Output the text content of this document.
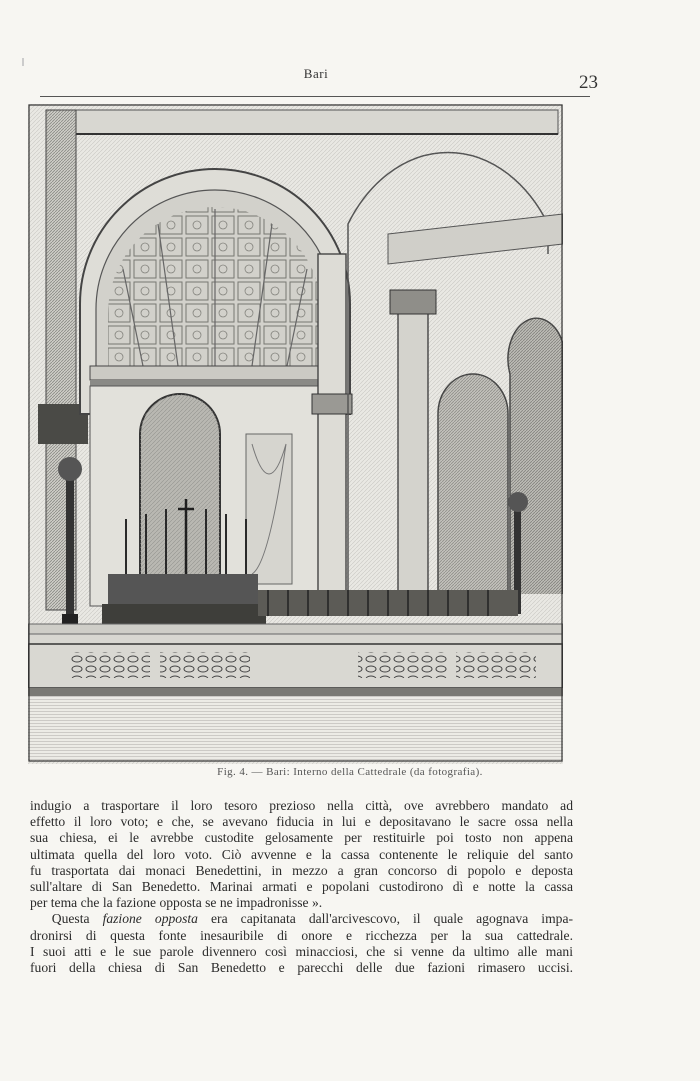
Bari	23
Fig. 4. — Bari: Interno della Cattedrale (da fotografia).

indugio a trasportare il loro tesoro prezioso nella città, ove avrebbero mandato ad
effetto il loro voto; e che, se avevano fiducia in lui e depositavano le sacre ossa nella
sua chiesa, ei le avrebbe custodite gelosamente per restituirle poi tosto non appena
ultimata quella del loro voto. Ciò avvenne e la cassa contenente le reliquie del santo
fu trasportata dai monaci Benedettini, in mezzo a gran concorso di popolo e deposta
sull'altare di San Benedetto. Marinai armati e popolani custodirono dì e notte la cassa
per tema che la fazione opposta se ne impadronisse ».

Questa fazione opposta era capitanata dall'arcivescovo, il quale agognava impa-
dronirsi di questa fonte inesauribile di onore e ricchezza per la sua cattedrale.
I suoi atti e le sue parole divennero così minacciosi, che si venne da ultimo alle mani
fuori della chiesa di San Benedetto e parecchi delle due fazioni rimasero uccisi.
